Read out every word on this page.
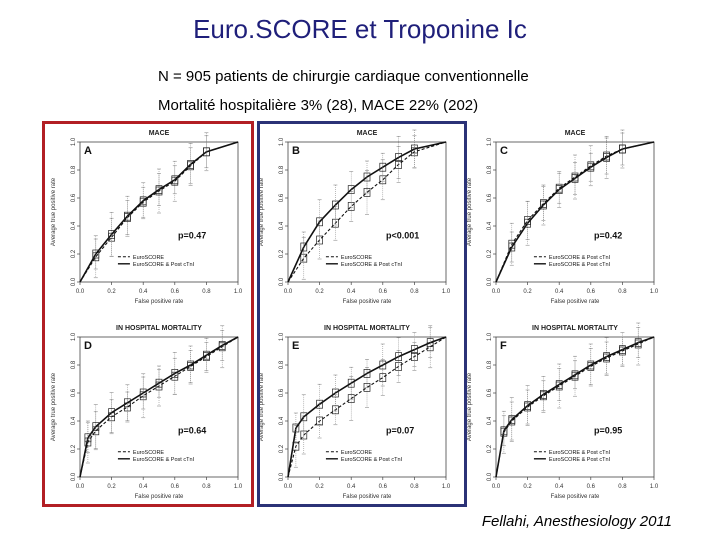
Euro.SCORE et Troponine Ic
N = 905 patients de chirurgie cardiaque conventionnelle
Mortalité hospitalière 3% (28), MACE 22% (202)
MACE
A
0.0
0.0
0.2
0.2
0.4
0.4
0.6
0.6
0.8
0.8
1.0
1.0
False positive rate
Average true positive rate	p=0.47
EuroSCORE
EuroSCORE & Post cTnI
MACE
B
0.0
0.0
0.2
0.2
0.4
0.4
0.6
0.6
0.8
0.8
1.0
1.0
False positive rate
Average true positive rate	p<0.001
EuroSCORE
EuroSCORE & Post cTnI
MACE
C
0.0
0.0
0.2
0.2
0.4
0.4
0.6
0.6
0.8
0.8
1.0
1.0
False positive rate
Average true positive rate	p=0.42
EuroSCORE & Post cTnI
EuroSCORE & Post cTnI
IN HOSPITAL MORTALITY
D
0.0
0.0
0.2
0.2
0.4
0.4
0.6
0.6
0.8
0.8
1.0
1.0
False positive rate
Average true positive rate	p=0.64
EuroSCORE
EuroSCORE & Post cTnI
IN HOSPITAL MORTALITY
E
0.0
0.0
0.2
0.2
0.4
0.4
0.6
0.6
0.8
0.8
1.0
1.0
False positive rate
Average true positive rate	p=0.07
EuroSCORE
EuroSCORE & Post cTnI
IN HOSPITAL MORTALITY
F
0.0
0.0
0.2
0.2
0.4
0.4
0.6
0.6
0.8
0.8
1.0
1.0
False positive rate
Average true positive rate	p=0.95
EuroSCORE & Post cTnI
EuroSCORE & Post cTnI
Fellahi, Anesthesiology 2011
